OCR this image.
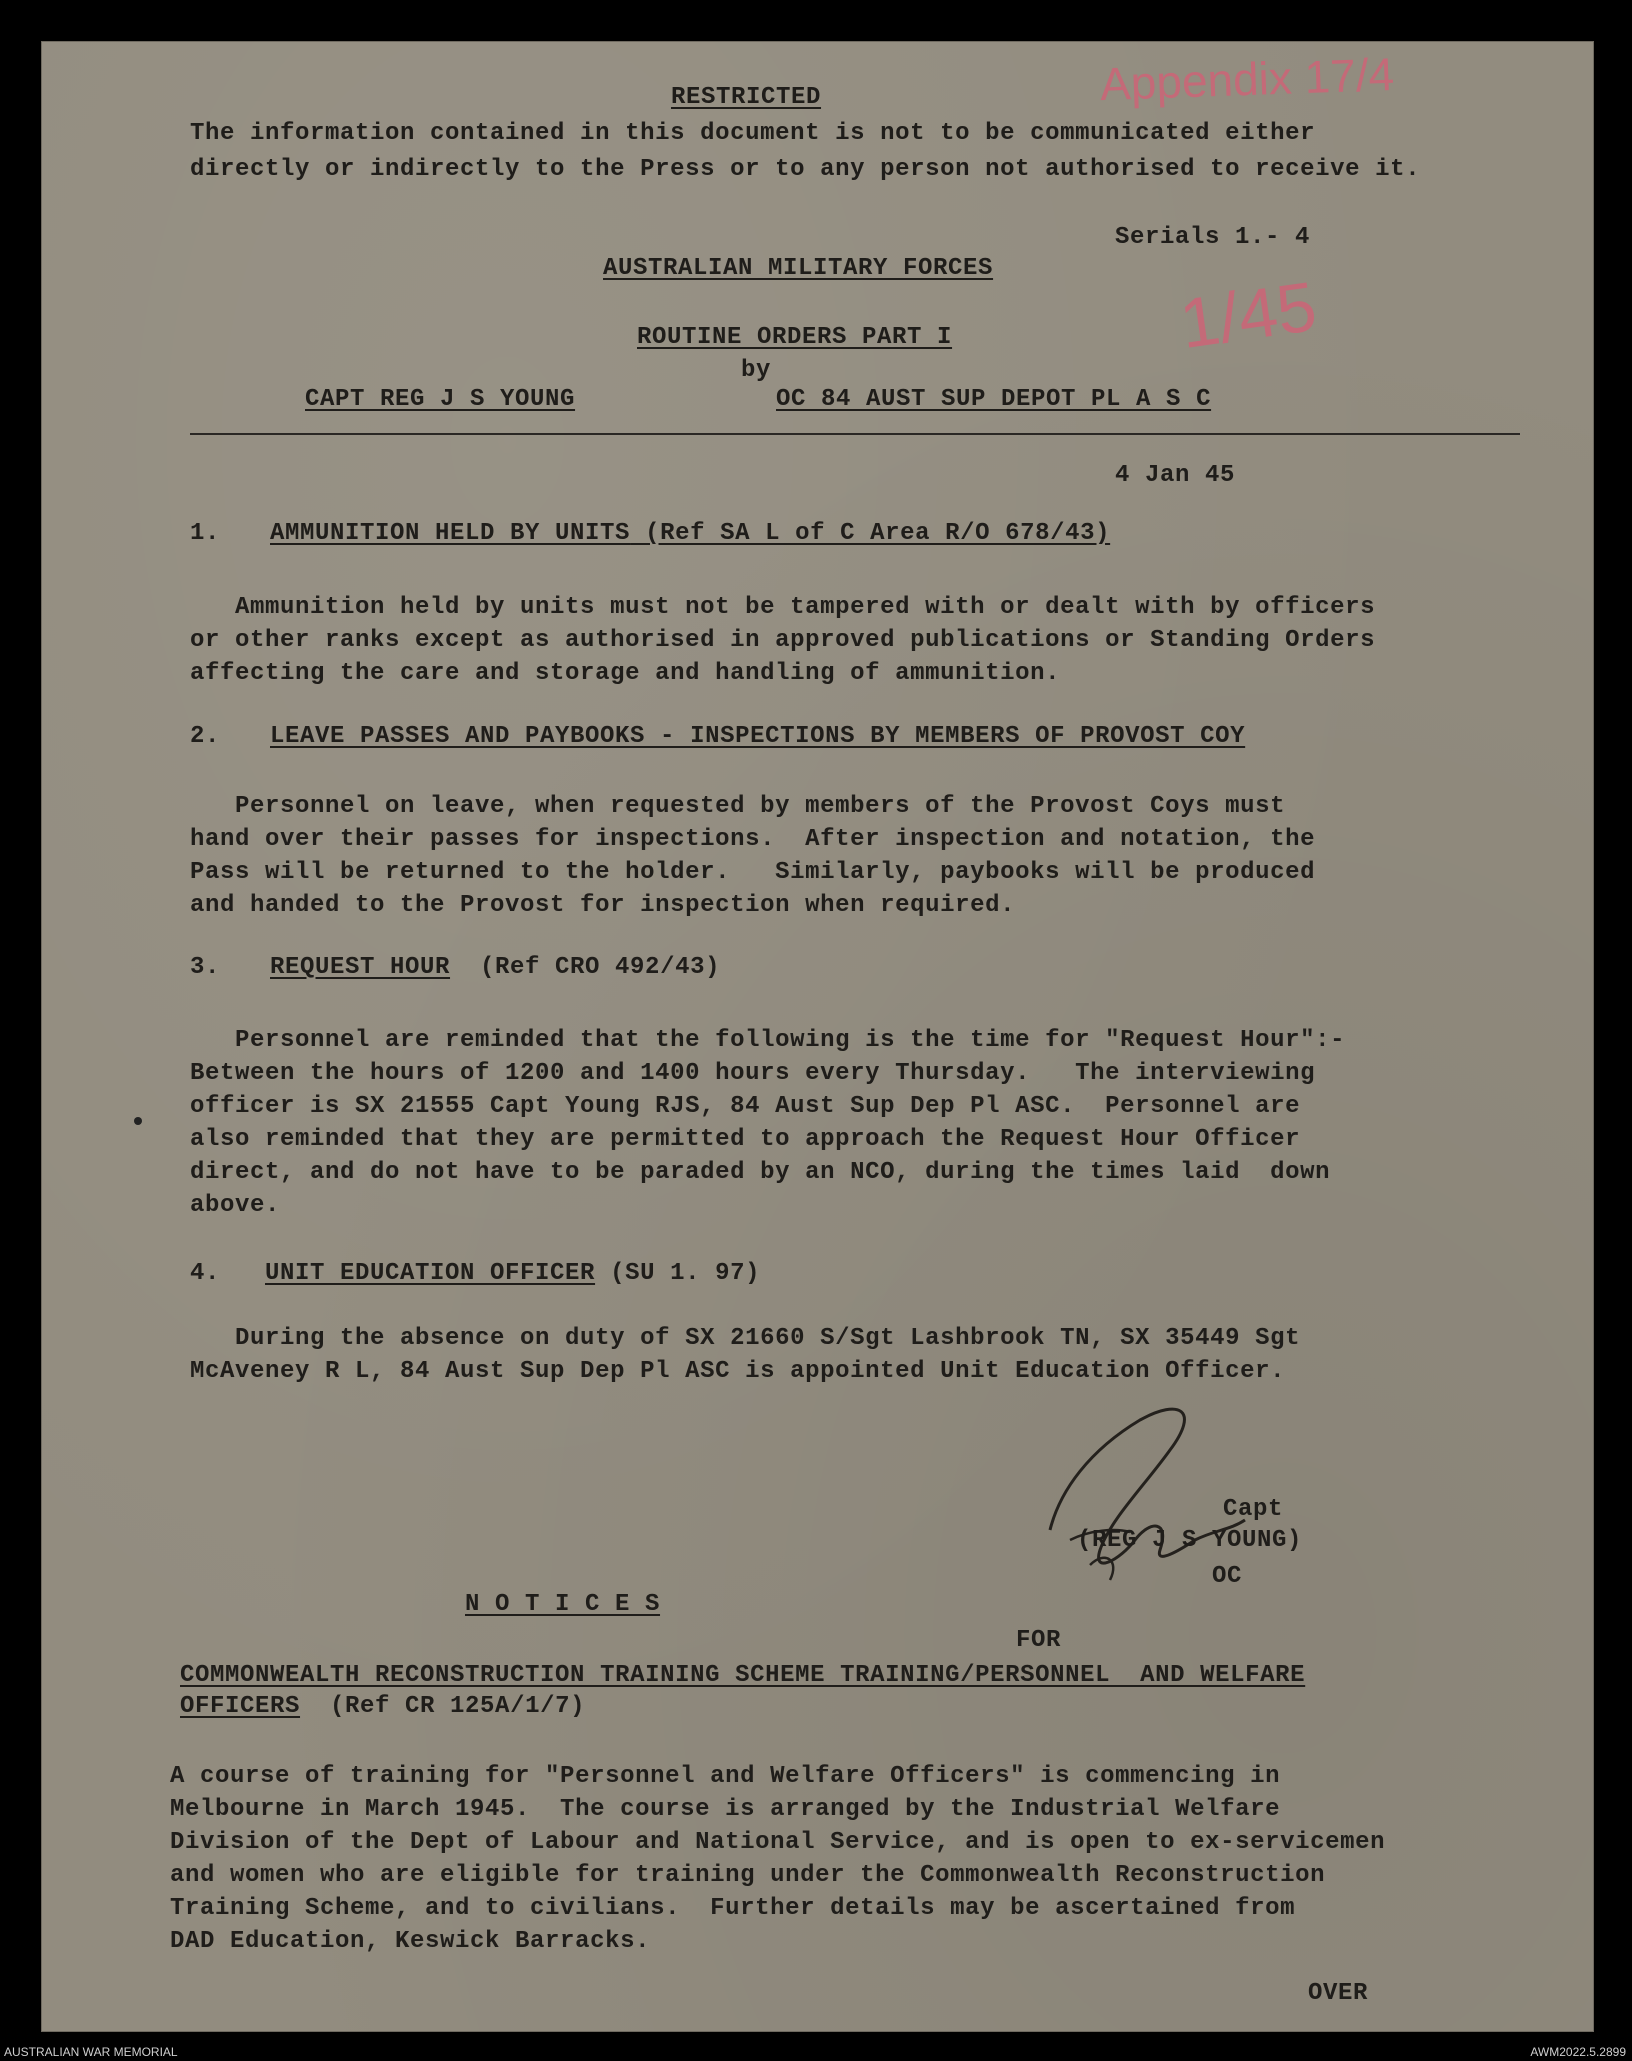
Appendix 17/4
1/45
RESTRICTED
The information contained in this document is not to be communicated either
directly or indirectly to the Press or to any person not authorised to receive it.
Serials 1.- 4
AUSTRALIAN MILITARY FORCES
ROUTINE ORDERS PART I
by
CAPT REG J S YOUNG	OC 84 AUST SUP DEPOT PL A S C
4 Jan 45
1. AMMUNITION HELD BY UNITS (Ref SA L of C Area R/O 678/43)
Ammunition held by units must not be tampered with or dealt with by officers
or other ranks except as authorised in approved publications or Standing Orders
affecting the care and storage and handling of ammunition.
2. LEAVE PASSES AND PAYBOOKS - INSPECTIONS BY MEMBERS OF PROVOST COY
Personnel on leave, when requested by members of the Provost Coys must
hand over their passes for inspections.  After inspection and notation, the
Pass will be returned to the holder.   Similarly, paybooks will be produced
and handed to the Provost for inspection when required.
3. REQUEST HOUR  (Ref CRO 492/43)
Personnel are reminded that the following is the time for "Request Hour":-
Between the hours of 1200 and 1400 hours every Thursday.   The interviewing
officer is SX 21555 Capt Young RJS, 84 Aust Sup Dep Pl ASC.  Personnel are
also reminded that they are permitted to approach the Request Hour Officer
direct, and do not have to be paraded by an NCO, during the times laid  down
above.
4. UNIT EDUCATION OFFICER (SU 1. 97)
During the absence on duty of SX 21660 S/Sgt Lashbrook TN, SX 35449 Sgt
McAveney R L, 84 Aust Sup Dep Pl ASC is appointed Unit Education Officer.
Capt
(REG J S YOUNG)
OC
N O T I C E S
FOR
COMMONWEALTH RECONSTRUCTION TRAINING SCHEME TRAINING/PERSONNEL  AND WELFARE
OFFICERS  (Ref CR 125A/1/7)
A course of training for "Personnel and Welfare Officers" is commencing in
Melbourne in March 1945.  The course is arranged by the Industrial Welfare
Division of the Dept of Labour and National Service, and is open to ex-servicemen
and women who are eligible for training under the Commonwealth Reconstruction
Training Scheme, and to civilians.  Further details may be ascertained from
DAD Education, Keswick Barracks.
OVER
AUSTRALIAN WAR MEMORIAL	AWM2022.5.2899
